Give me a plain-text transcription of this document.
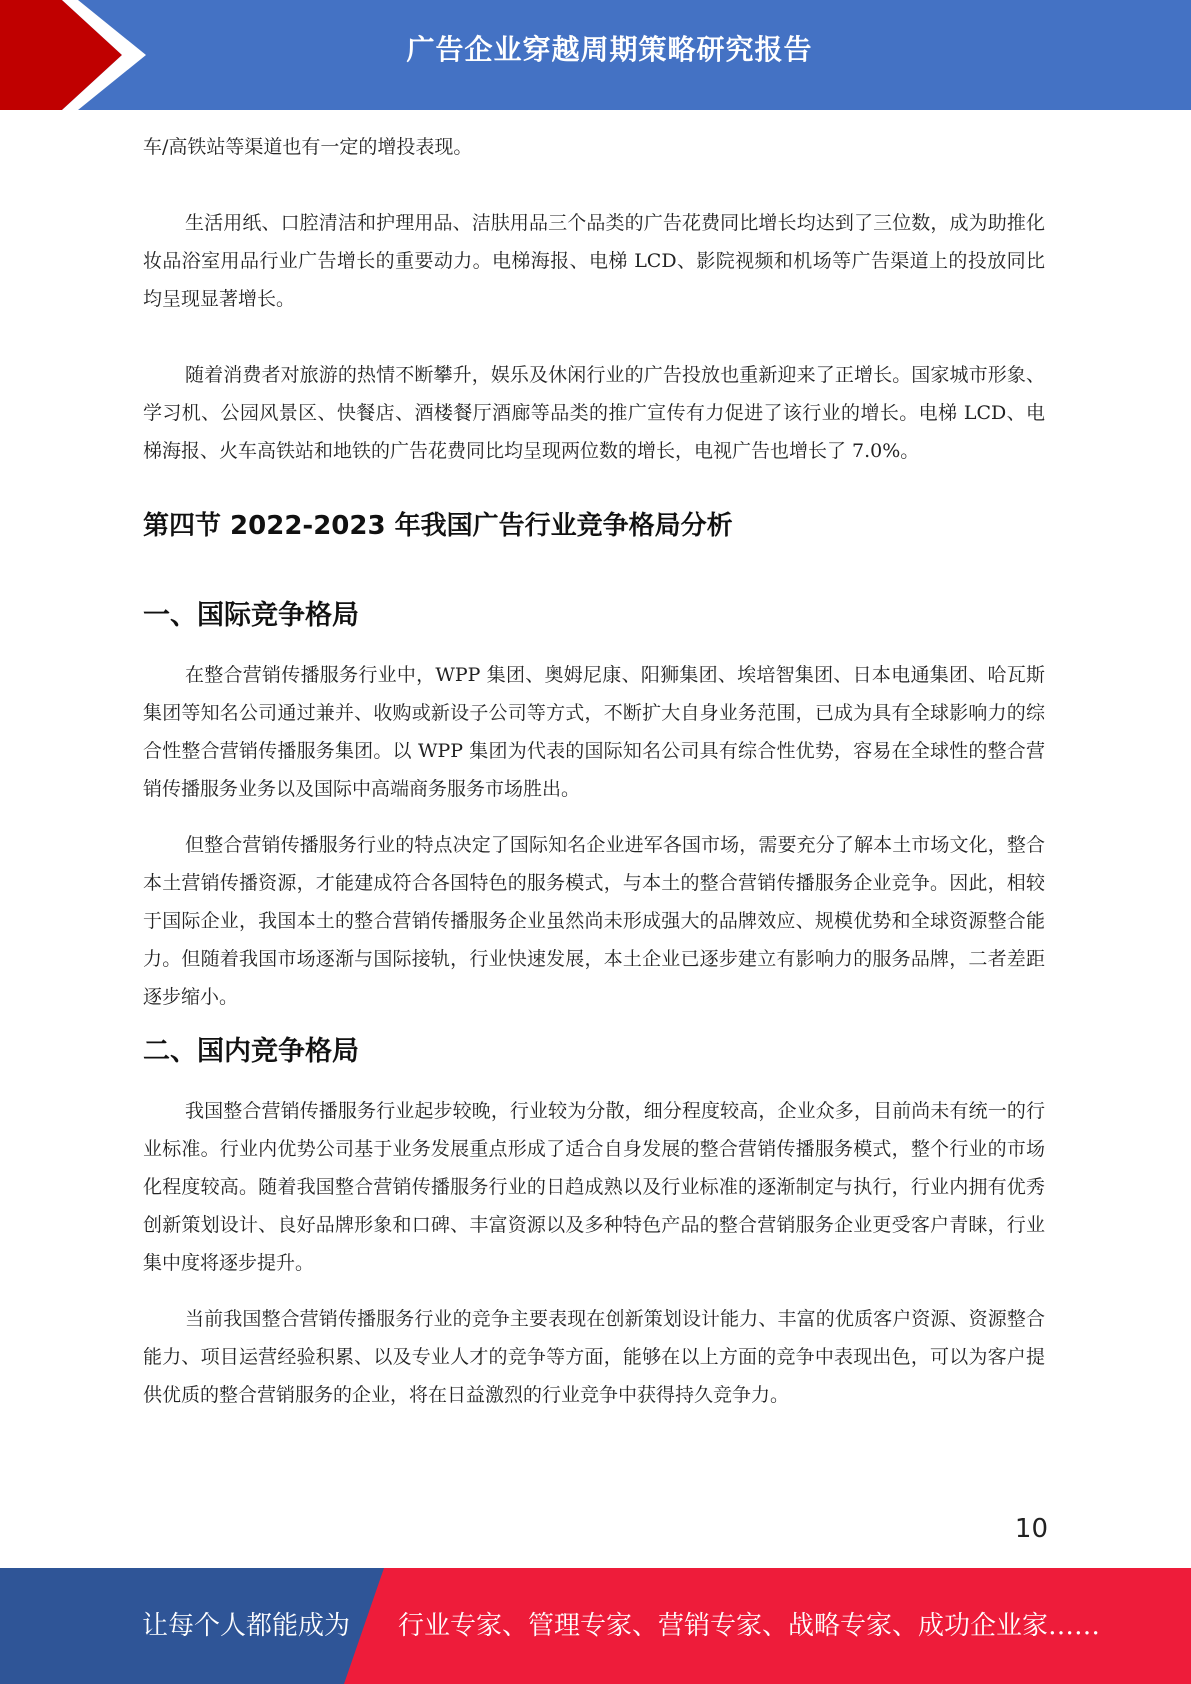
广告企业穿越周期策略研究报告

车/高铁站等渠道也有一定的增投表现。

生活用纸、口腔清洁和护理用品、洁肤用品三个品类的广告花费同比增长均达到了三位数，成为助推化妆品浴室用品行业广告增长的重要动力。电梯海报、电梯 LCD、影院视频和机场等广告渠道上的投放同比均呈现显著增长。

随着消费者对旅游的热情不断攀升，娱乐及休闲行业的广告投放也重新迎来了正增长。国家城市形象、学习机、公园风景区、快餐店、酒楼餐厅酒廊等品类的推广宣传有力促进了该行业的增长。电梯 LCD、电梯海报、火车高铁站和地铁的广告花费同比均呈现两位数的增长，电视广告也增长了 7.0%。

第四节 2022-2023 年我国广告行业竞争格局分析
一、国际竞争格局

在整合营销传播服务行业中，WPP 集团、奥姆尼康、阳狮集团、埃培智集团、日本电通集团、哈瓦斯集团等知名公司通过兼并、收购或新设子公司等方式，不断扩大自身业务范围，已成为具有全球影响力的综合性整合营销传播服务集团。以 WPP 集团为代表的国际知名公司具有综合性优势，容易在全球性的整合营销传播服务业务以及国际中高端商务服务市场胜出。

但整合营销传播服务行业的特点决定了国际知名企业进军各国市场，需要充分了解本土市场文化，整合本土营销传播资源，才能建成符合各国特色的服务模式，与本土的整合营销传播服务企业竞争。因此，相较于国际企业，我国本土的整合营销传播服务企业虽然尚未形成强大的品牌效应、规模优势和全球资源整合能力。但随着我国市场逐渐与国际接轨，行业快速发展，本土企业已逐步建立有影响力的服务品牌，二者差距逐步缩小。

二、国内竞争格局

我国整合营销传播服务行业起步较晚，行业较为分散，细分程度较高，企业众多，目前尚未有统一的行业标准。行业内优势公司基于业务发展重点形成了适合自身发展的整合营销传播服务模式，整个行业的市场化程度较高。随着我国整合营销传播服务行业的日趋成熟以及行业标准的逐渐制定与执行，行业内拥有优秀创新策划设计、良好品牌形象和口碑、丰富资源以及多种特色产品的整合营销服务企业更受客户青睐，行业集中度将逐步提升。

当前我国整合营销传播服务行业的竞争主要表现在创新策划设计能力、丰富的优质客户资源、资源整合能力、项目运营经验积累、以及专业人才的竞争等方面，能够在以上方面的竞争中表现出色，可以为客户提供优质的整合营销服务的企业，将在日益激烈的行业竞争中获得持久竞争力。

10
让每个人都能成为 行业专家、管理专家、营销专家、战略专家、成功企业家……
